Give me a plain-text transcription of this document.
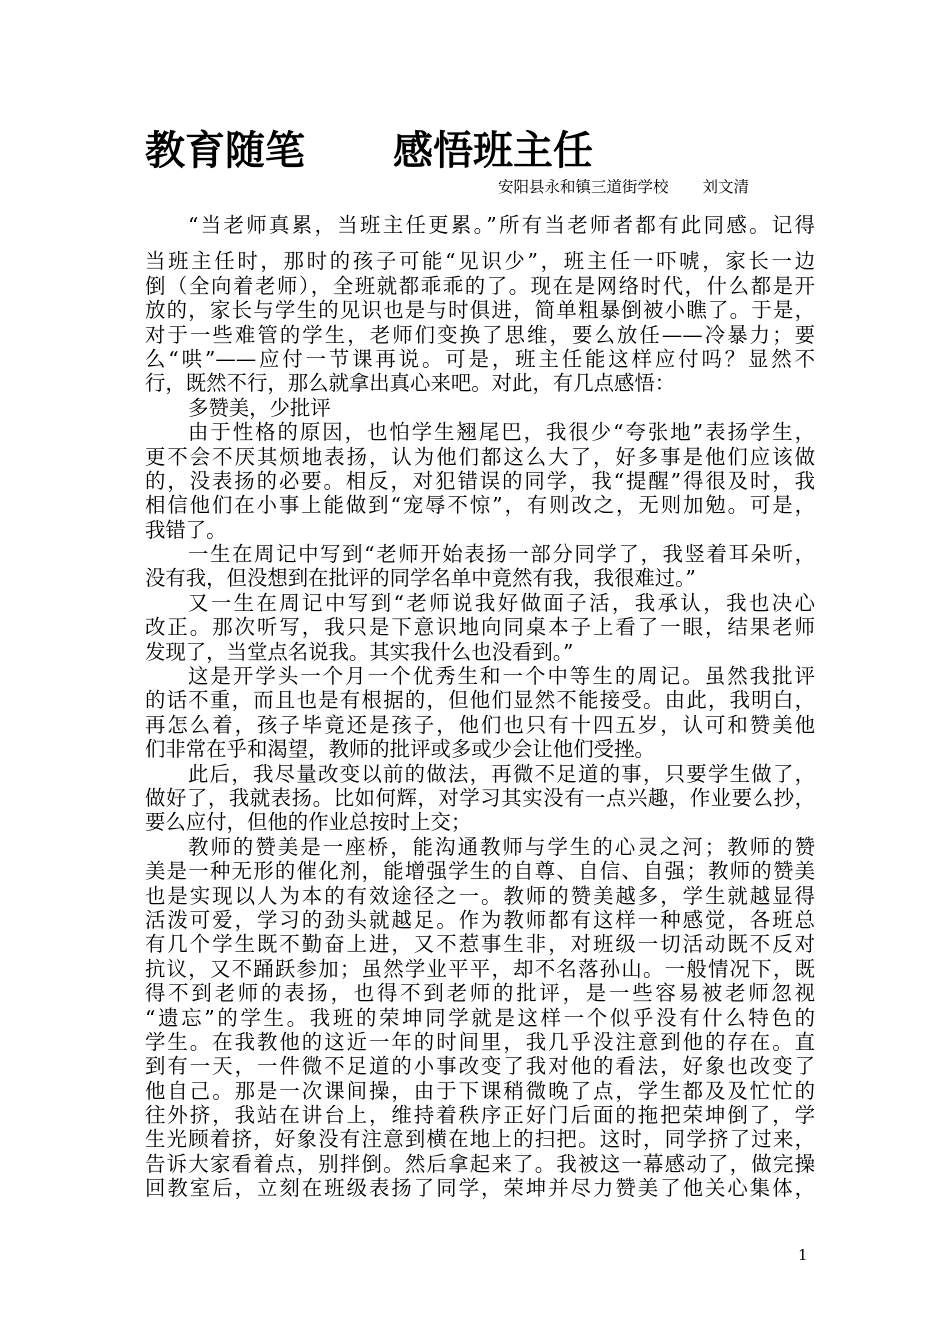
教育随笔 感悟班主任
安阳县永和镇三道街学校 刘文清
“当老师真累，当班主任更累。”所有当老师者都有此同感。记得
当班主任时，那时的孩子可能“见识少”，班主任一吓唬，家长一边
倒（全向着老师），全班就都乖乖的了。现在是网络时代，什么都是开
放的，家长与学生的见识也是与时俱进，简单粗暴倒被小瞧了。于是，
对于一些难管的学生，老师们变换了思维，要么放任——冷暴力；要
么“哄”——应付一节课再说。可是，班主任能这样应付吗？显然不
行，既然不行，那么就拿出真心来吧。对此，有几点感悟：
多赞美，少批评
由于性格的原因，也怕学生翘尾巴，我很少“夸张地”表扬学生，
更不会不厌其烦地表扬，认为他们都这么大了，好多事是他们应该做
的，没表扬的必要。相反，对犯错误的同学，我“提醒”得很及时，我
相信他们在小事上能做到“宠辱不惊”，有则改之，无则加勉。可是，
我错了。
一生在周记中写到“老师开始表扬一部分同学了，我竖着耳朵听，
没有我，但没想到在批评的同学名单中竟然有我，我很难过。”
又一生在周记中写到“老师说我好做面子活，我承认，我也决心
改正。那次听写，我只是下意识地向同桌本子上看了一眼，结果老师
发现了，当堂点名说我。其实我什么也没看到。”
这是开学头一个月一个优秀生和一个中等生的周记。虽然我批评
的话不重，而且也是有根据的，但他们显然不能接受。由此，我明白，
再怎么着，孩子毕竟还是孩子，他们也只有十四五岁，认可和赞美他
们非常在乎和渴望，教师的批评或多或少会让他们受挫。
此后，我尽量改变以前的做法，再微不足道的事，只要学生做了，
做好了，我就表扬。比如何辉，对学习其实没有一点兴趣，作业要么抄，
要么应付，但他的作业总按时上交；
教师的赞美是一座桥，能沟通教师与学生的心灵之河；教师的赞
美是一种无形的催化剂，能增强学生的自尊、自信、自强；教师的赞美
也是实现以人为本的有效途径之一。教师的赞美越多，学生就越显得
活泼可爱，学习的劲头就越足。作为教师都有这样一种感觉，各班总
有几个学生既不勤奋上进，又不惹事生非，对班级一切活动既不反对
抗议，又不踊跃参加；虽然学业平平，却不名落孙山。一般情况下，既
得不到老师的表扬，也得不到老师的批评，是一些容易被老师忽视
“遗忘”的学生。我班的荣坤同学就是这样一个似乎没有什么特色的
学生。在我教他的这近一年的时间里，我几乎没注意到他的存在。直
到有一天，一件微不足道的小事改变了我对他的看法，好象也改变了
他自己。那是一次课间操，由于下课稍微晚了点，学生都及及忙忙的
往外挤，我站在讲台上，维持着秩序正好门后面的拖把荣坤倒了，学
生光顾着挤，好象没有注意到横在地上的扫把。这时，同学挤了过来，
告诉大家看着点，别拌倒。然后拿起来了。我被这一幕感动了，做完操
回教室后，立刻在班级表扬了同学，荣坤并尽力赞美了他关心集体，
1
